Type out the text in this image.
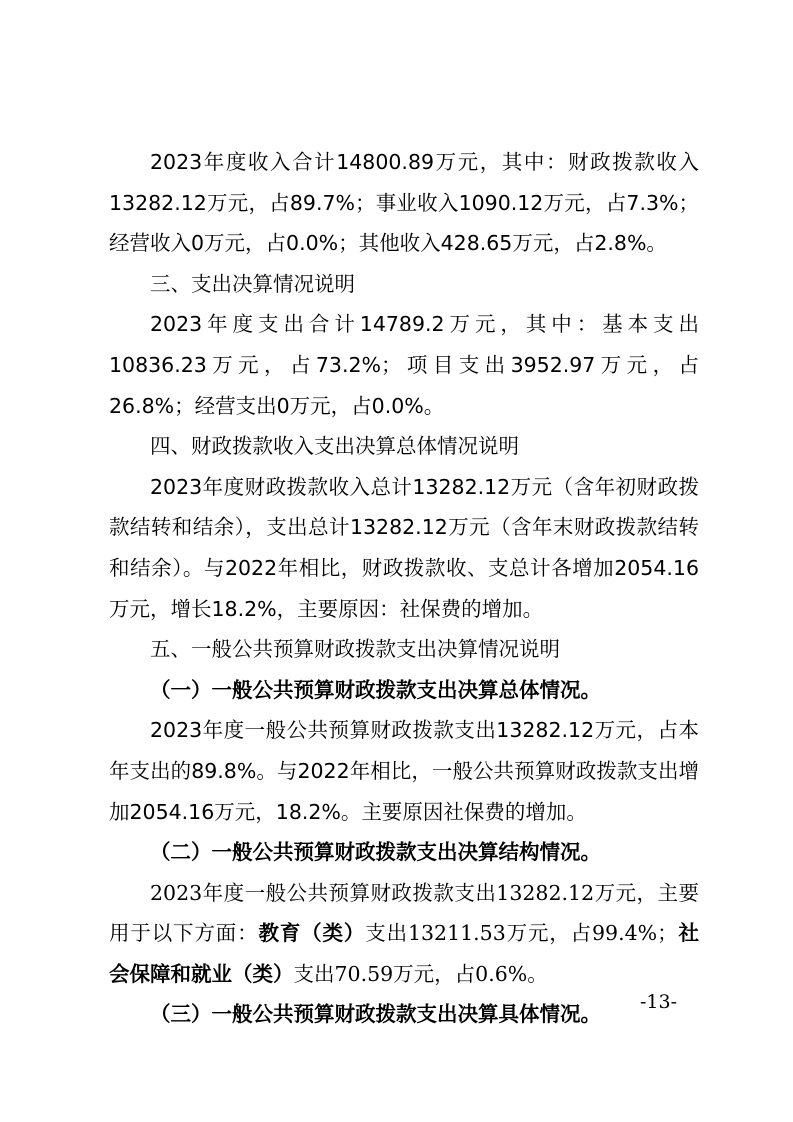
2023年度收入合计14800.89万元，其中：财政拨款收入13282.12万元，占89.7%；事业收入1090.12万元，占7.3%；经营收入0万元，占0.0%；其他收入428.65万元，占2.8%。

三、支出决算情况说明

2023年度支出合计14789.2万元，其中：基本支出10836.23万元，占73.2%；项目支出3952.97万元，占26.8%；经营支出0万元，占0.0%。

四、财政拨款收入支出决算总体情况说明

2023年度财政拨款收入总计13282.12万元（含年初财政拨款结转和结余），支出总计13282.12万元（含年末财政拨款结转和结余）。与2022年相比，财政拨款收、支总计各增加2054.16万元，增长18.2%，主要原因：社保费的增加。

五、一般公共预算财政拨款支出决算情况说明
（一）一般公共预算财政拨款支出决算总体情况。

2023年度一般公共预算财政拨款支出13282.12万元，占本年支出的89.8%。与2022年相比，一般公共预算财政拨款支出增加2054.16万元，18.2%。主要原因社保费的增加。

（二）一般公共预算财政拨款支出决算结构情况。

2023年度一般公共预算财政拨款支出13282.12万元，主要用于以下方面：教育（类）支出13211.53万元，占99.4%；社会保障和就业（类）支出70.59万元，占0.6%。

（三）一般公共预算财政拨款支出决算具体情况。
-13-
